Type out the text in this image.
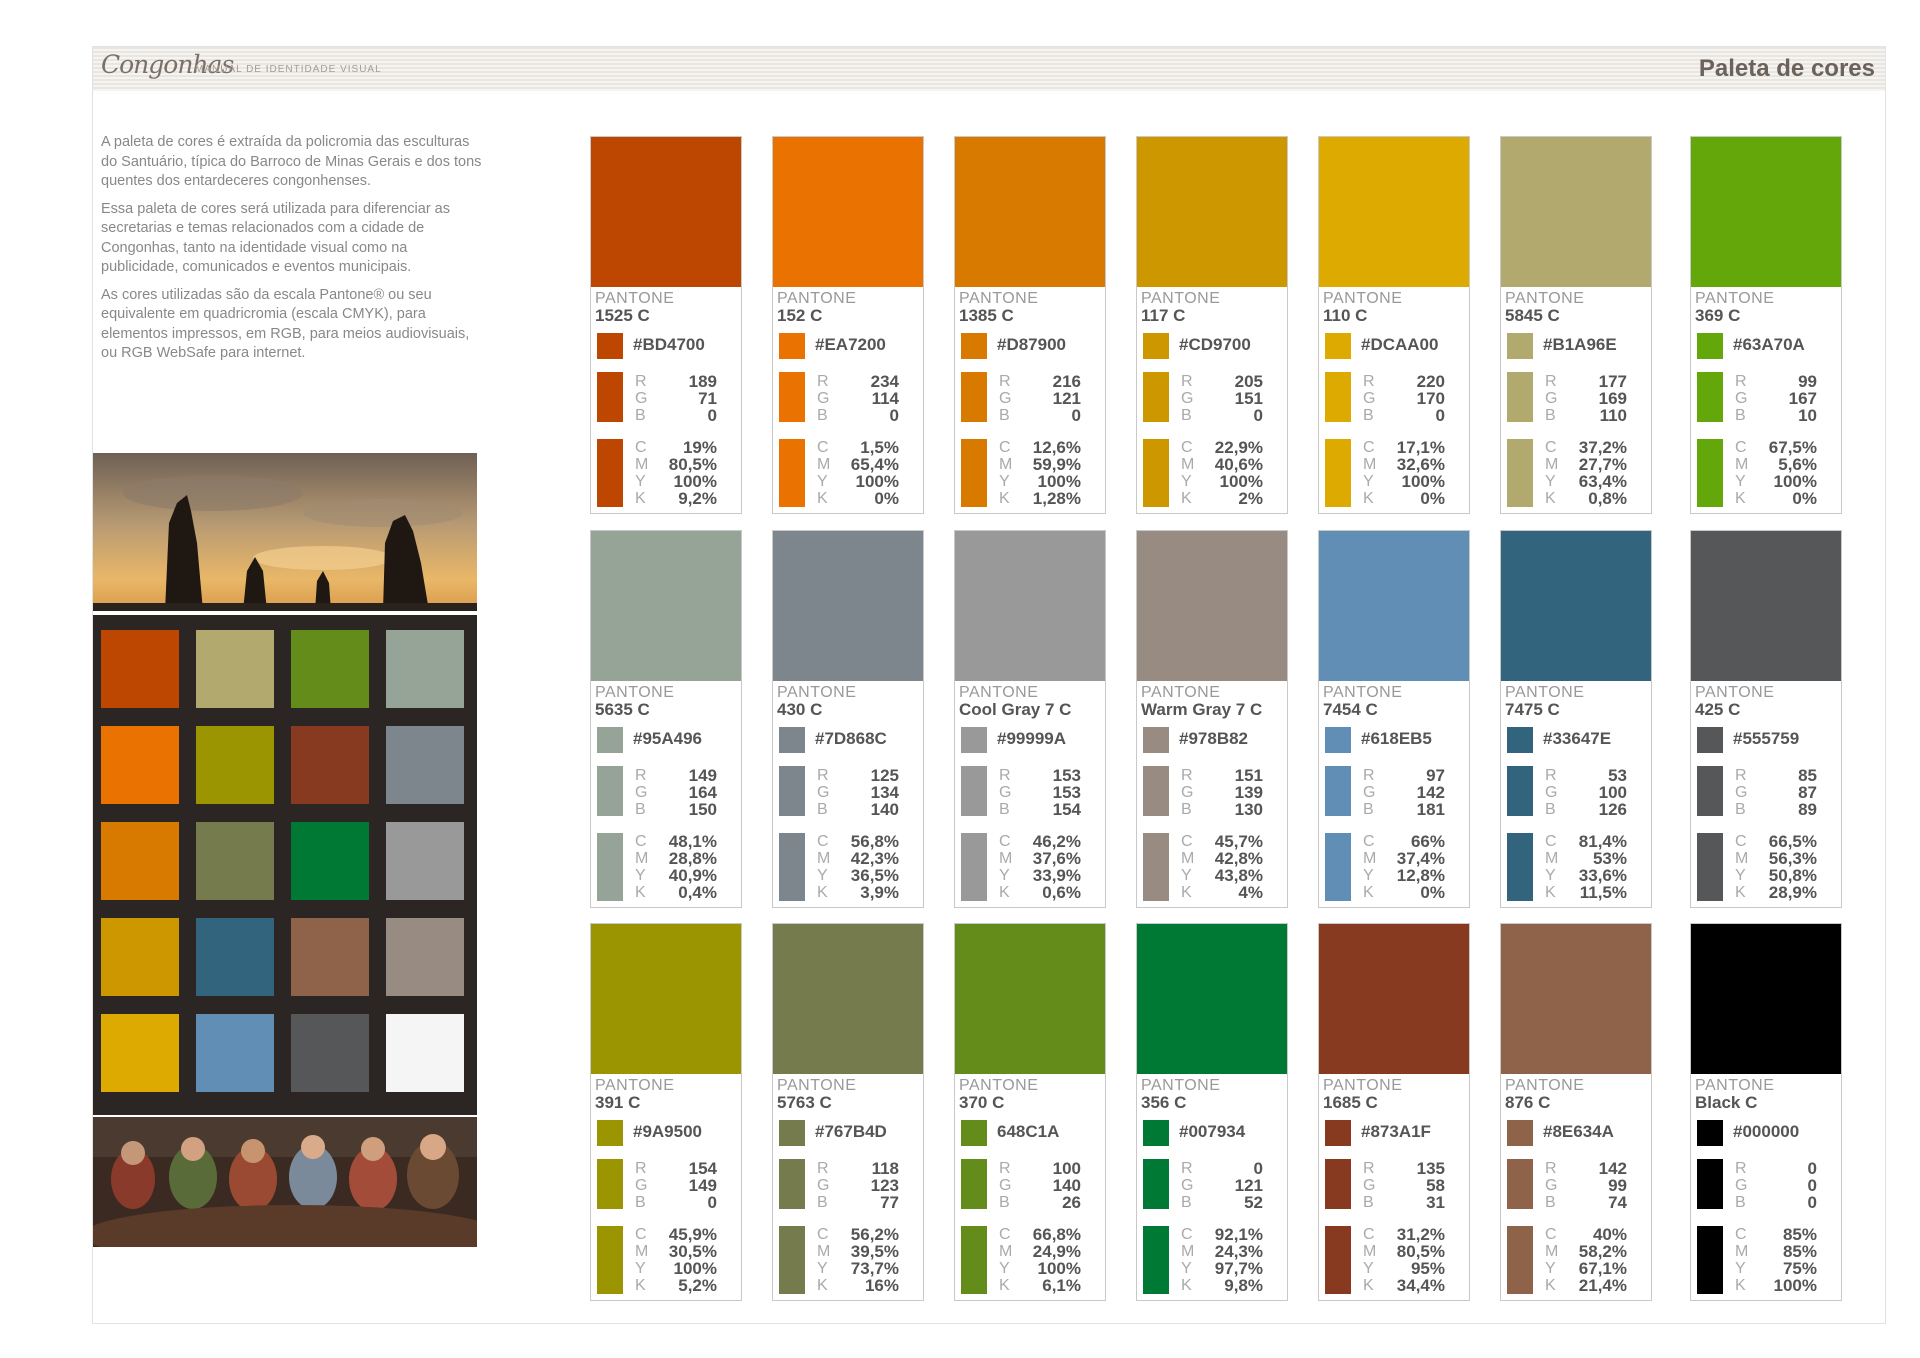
Congonhas
MANUAL DE IDENTIDADE VISUAL	Paleta de cores

A paleta de cores é extraída da policromia das esculturas do Santuário, típica do Barroco de Minas Gerais e dos tons quentes dos entardeceres congonhenses.

Essa paleta de cores será utilizada para diferenciar as secretarias e temas relacionados com a cidade de Congonhas, tanto na identidade visual como na publicidade, comunicados e eventos municipais.

As cores utilizadas são da escala Pantone® ou seu equivalente em quadricromia (escala CMYK), para elementos impressos, em RGB, para meios audiovisuais, ou RGB WebSafe para internet.

PANTONE
1525 C
#BD4700
R
G
B
189
71
0
C
M
Y
K
19%
80,5%
100%
9,2%
PANTONE
152 C
#EA7200
R
G
B
234
114
0
C
M
Y
K
1,5%
65,4%
100%
0%
PANTONE
1385 C
#D87900
R
G
B
216
121
0
C
M
Y
K
12,6%
59,9%
100%
1,28%
PANTONE
117 C
#CD9700
R
G
B
205
151
0
C
M
Y
K
22,9%
40,6%
100%
2%
PANTONE
110 C
#DCAA00
R
G
B
220
170
0
C
M
Y
K
17,1%
32,6%
100%
0%
PANTONE
5845 C
#B1A96E
R
G
B
177
169
110
C
M
Y
K
37,2%
27,7%
63,4%
0,8%
PANTONE
369 C
#63A70A
R
G
B
99
167
10
C
M
Y
K
67,5%
5,6%
100%
0%
PANTONE
5635 C
#95A496
R
G
B
149
164
150
C
M
Y
K
48,1%
28,8%
40,9%
0,4%
PANTONE
430 C
#7D868C
R
G
B
125
134
140
C
M
Y
K
56,8%
42,3%
36,5%
3,9%
PANTONE
Cool Gray 7 C
#99999A
R
G
B
153
153
154
C
M
Y
K
46,2%
37,6%
33,9%
0,6%
PANTONE
Warm Gray 7 C
#978B82
R
G
B
151
139
130
C
M
Y
K
45,7%
42,8%
43,8%
4%
PANTONE
7454 C
#618EB5
R
G
B
97
142
181
C
M
Y
K
66%
37,4%
12,8%
0%
PANTONE
7475 C
#33647E
R
G
B
53
100
126
C
M
Y
K
81,4%
53%
33,6%
11,5%
PANTONE
425 C
#555759
R
G
B
85
87
89
C
M
Y
K
66,5%
56,3%
50,8%
28,9%
PANTONE
391 C
#9A9500
R
G
B
154
149
0
C
M
Y
K
45,9%
30,5%
100%
5,2%
PANTONE
5763 C
#767B4D
R
G
B
118
123
77
C
M
Y
K
56,2%
39,5%
73,7%
16%
PANTONE
370 C
648C1A
R
G
B
100
140
26
C
M
Y
K
66,8%
24,9%
100%
6,1%
PANTONE
356 C
#007934
R
G
B
0
121
52
C
M
Y
K
92,1%
24,3%
97,7%
9,8%
PANTONE
1685 C
#873A1F
R
G
B
135
58
31
C
M
Y
K
31,2%
80,5%
95%
34,4%
PANTONE
876 C
#8E634A
R
G
B
142
99
74
C
M
Y
K
40%
58,2%
67,1%
21,4%
PANTONE
Black C
#000000
R
G
B
0
0
0
C
M
Y
K
85%
85%
75%
100%
